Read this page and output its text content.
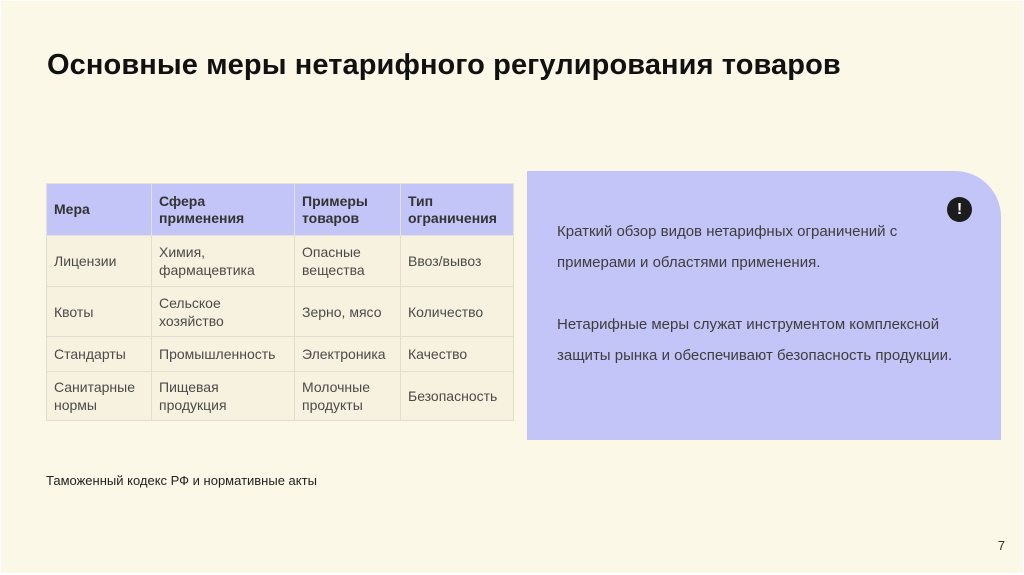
Основные меры нетарифного регулирования товаров
Мера	Сфера применения	Примеры товаров	Тип ограничения
Лицензии	Химия, фармацевтика	Опасные вещества	Ввоз/вывоз
Квоты	Сельское хозяйство	Зерно, мясо	Количество
Стандарты	Промышленность	Электроника	Качество
Санитарные нормы	Пищевая продукция	Молочные продукты	Безопасность
!

Краткий обзор видов нетарифных ограничений с примерами и областями применения.

Нетарифные меры служат инструментом комплексной защиты рынка и обеспечивают безопасность продукции.

Таможенный кодекс РФ и нормативные акты
7
